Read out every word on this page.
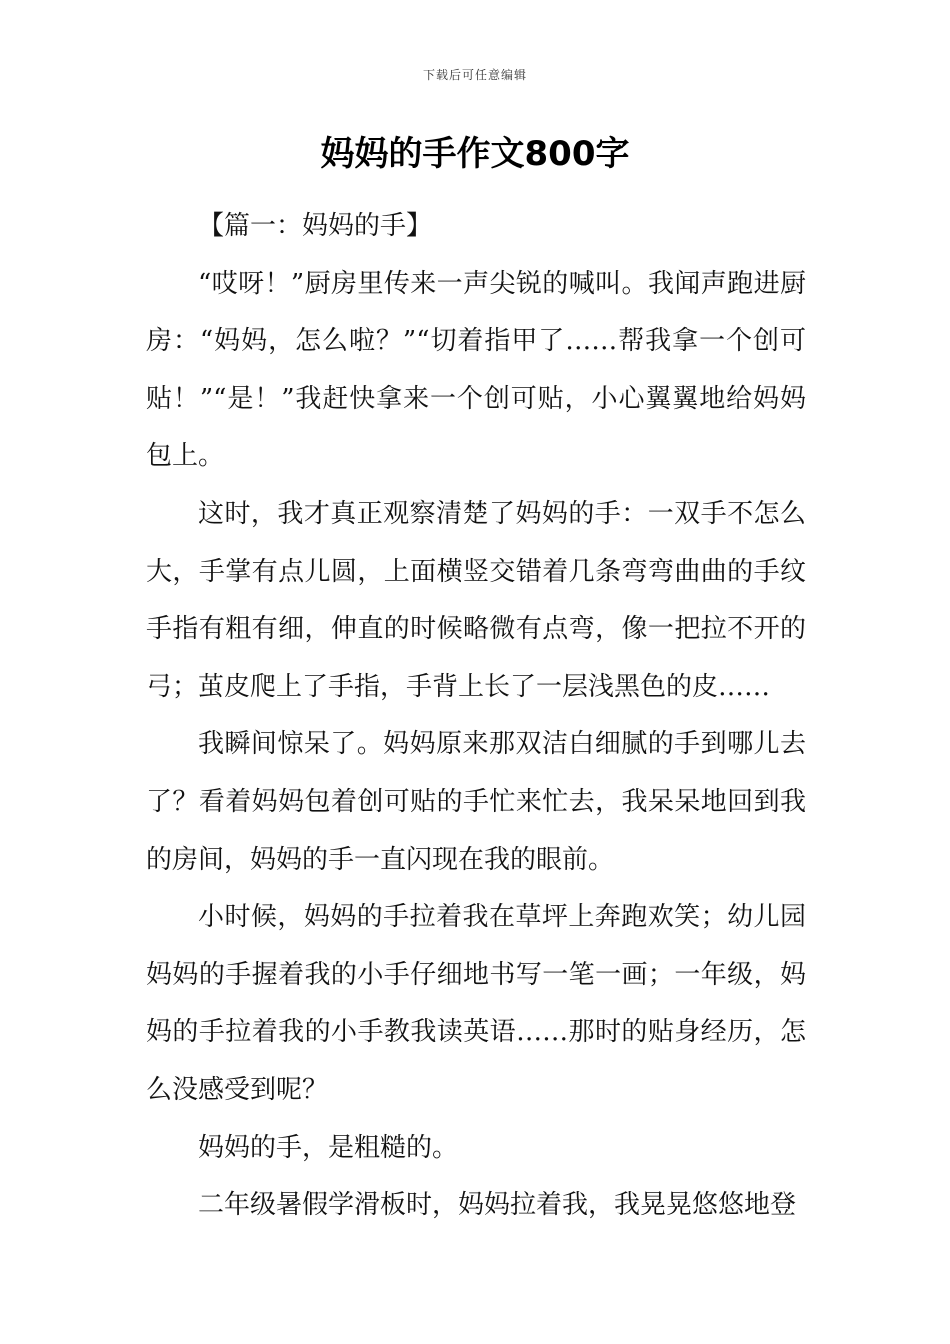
下载后可任意编辑
妈妈的手作文800字

【篇一：妈妈的手】

“哎呀！”厨房里传来一声尖锐的喊叫。我闻声跑进厨房：“妈妈，怎么啦？”“切着指甲了……帮我拿一个创可贴！”“是！”我赶快拿来一个创可贴，小心翼翼地给妈妈包上。

这时，我才真正观察清楚了妈妈的手：一双手不怎么大，手掌有点儿圆，上面横竖交错着几条弯弯曲曲的手纹手指有粗有细，伸直的时候略微有点弯，像一把拉不开的弓；茧皮爬上了手指，手背上长了一层浅黑色的皮……

我瞬间惊呆了。妈妈原来那双洁白细腻的手到哪儿去了？看着妈妈包着创可贴的手忙来忙去，我呆呆地回到我的房间，妈妈的手一直闪现在我的眼前。

小时候，妈妈的手拉着我在草坪上奔跑欢笑；幼儿园妈妈的手握着我的小手仔细地书写一笔一画；一年级，妈妈的手拉着我的小手教我读英语……那时的贴身经历，怎么没感受到呢？

妈妈的手，是粗糙的。

二年级暑假学滑板时，妈妈拉着我，我晃晃悠悠地登
